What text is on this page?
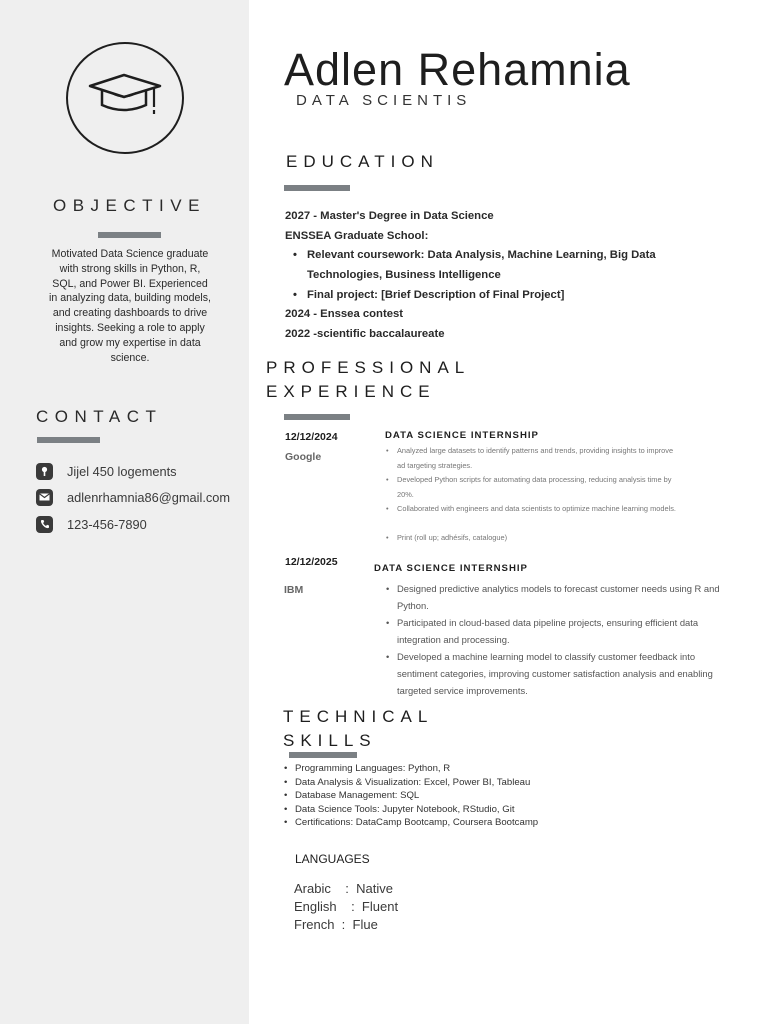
OBJECTIVE
Motivated Data Science graduate with strong skills in Python, R, SQL, and Power BI. Experienced in analyzing data, building models, and creating dashboards to drive insights. Seeking a role to apply and grow my expertise in data science.
CONTACT
Jijel 450 logements
adlenrhamnia86@gmail.com
123-456-7890
Adlen Rehamnia
DATA SCIENTIS
EDUCATION
2027 - Master's Degree in Data Science
ENSSEA Graduate School:
• Relevant coursework: Data Analysis, Machine Learning, Big Data
Technologies, Business Intelligence
• Final project: [Brief Description of Final Project]
2024 - Enssea contest
2022 -scientific baccalaureate
PROFESSIONAL
EXPERIENCE
12/12/2024
Google
DATA SCIENCE INTERNSHIP
• Analyzed large datasets to identify patterns and trends, providing insights to improve ad targeting strategies.
• Developed Python scripts for automating data processing, reducing analysis time by 20%.
• Collaborated with engineers and data scientists to optimize machine learning models.
• Print (roll up; adhésifs, catalogue)
12/12/2025
IBM
DATA SCIENCE INTERNSHIP
• Designed predictive analytics models to forecast customer needs using R and Python.
• Participated in cloud-based data pipeline projects, ensuring efficient data integration and processing.
• Developed a machine learning model to classify customer feedback into sentiment categories, improving customer satisfaction analysis and enabling targeted service improvements.
TECHNICAL
SKILLS
• Programming Languages: Python, R
• Data Analysis & Visualization: Excel, Power BI, Tableau
• Database Management: SQL
• Data Science Tools: Jupyter Notebook, RStudio, Git
• Certifications: DataCamp Bootcamp, Coursera Bootcamp
LANGUAGES
Arabic    :  Native
English    :  Fluent
French  :  Flue
